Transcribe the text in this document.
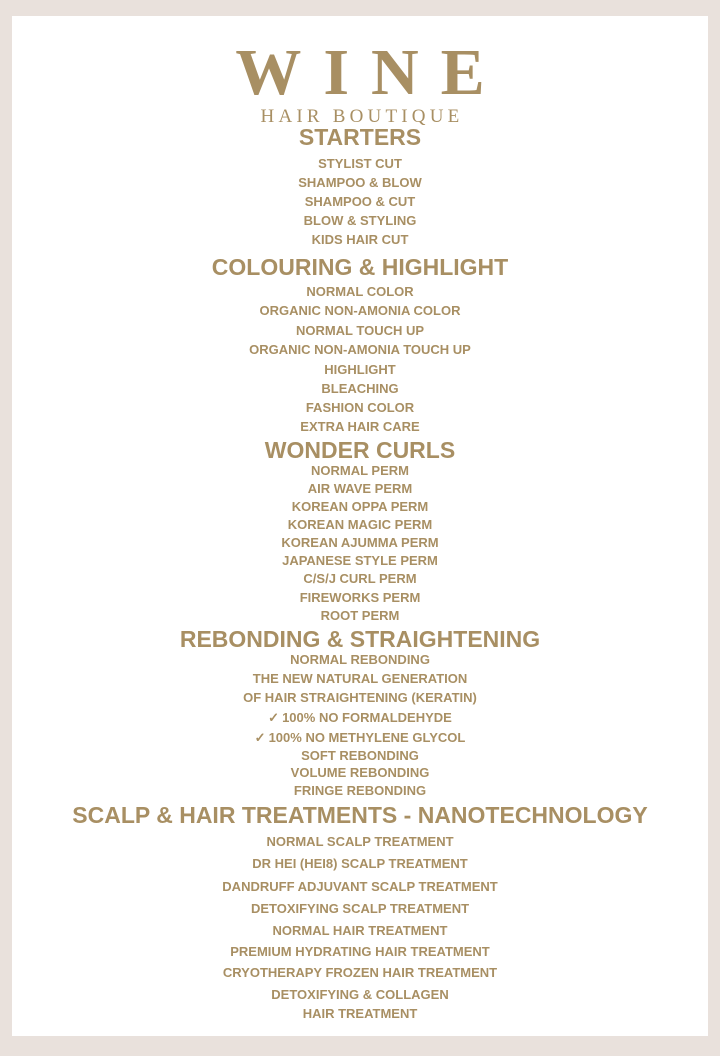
WINE
HAIR BOUTIQUE
STARTERS
STYLIST CUT
SHAMPOO & BLOW
SHAMPOO & CUT
BLOW & STYLING
KIDS HAIR CUT
COLOURING & HIGHLIGHT
NORMAL COLOR
ORGANIC NON-AMONIA COLOR
NORMAL TOUCH UP
ORGANIC NON-AMONIA TOUCH UP
HIGHLIGHT
BLEACHING
FASHION COLOR
EXTRA HAIR CARE
WONDER CURLS
NORMAL PERM
AIR WAVE PERM
KOREAN OPPA PERM
KOREAN MAGIC PERM
KOREAN AJUMMA PERM
JAPANESE STYLE PERM
C/S/J CURL PERM
FIREWORKS PERM
ROOT PERM
REBONDING & STRAIGHTENING
NORMAL REBONDING
THE NEW NATURAL GENERATION
OF HAIR STRAIGHTENING (KERATIN)
✓ 100% NO FORMALDEHYDE
✓ 100% NO METHYLENE GLYCOL
SOFT REBONDING
VOLUME REBONDING
FRINGE REBONDING
SCALP & HAIR TREATMENTS - NANOTECHNOLOGY
NORMAL SCALP TREATMENT
DR HEI (HEI8) SCALP TREATMENT
DANDRUFF ADJUVANT SCALP TREATMENT
DETOXIFYING SCALP TREATMENT
NORMAL HAIR TREATMENT
PREMIUM HYDRATING HAIR TREATMENT
CRYOTHERAPY FROZEN HAIR TREATMENT
DETOXIFYING & COLLAGEN
HAIR TREATMENT
